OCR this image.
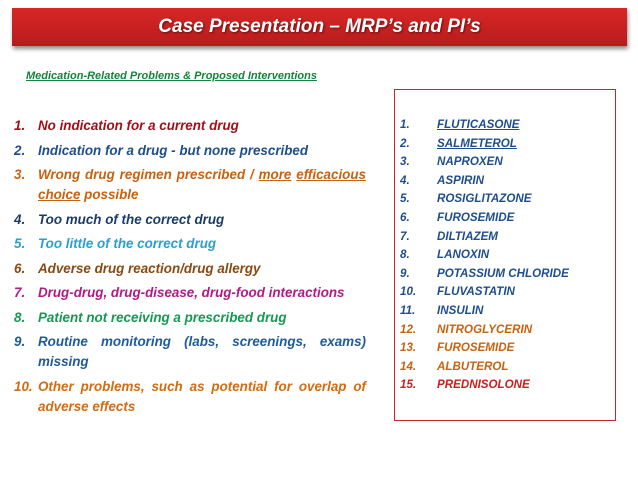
Case Presentation – MRP’s and PI’s
Medication-Related Problems & Proposed Interventions
1. No indication for a current drug
2. Indication for a drug - but none prescribed
3. Wrong drug regimen prescribed / more efficacious choice possible
4. Too much of the correct drug
5. Too little of the correct drug
6. Adverse drug reaction/drug allergy
7. Drug-drug, drug-disease, drug-food interactions
8. Patient not receiving a prescribed drug
9. Routine monitoring (labs, screenings, exams) missing
10. Other problems, such as potential for overlap of adverse effects
1.	FLUTICASONE
2.	SALMETEROL
3.	NAPROXEN
4.	ASPIRIN
5.	ROSIGLITAZONE
6.	FUROSEMIDE
7.	DILTIAZEM
8.	LANOXIN
9.	POTASSIUM CHLORIDE
10.	FLUVASTATIN
11.	INSULIN
12.	NITROGLYCERIN
13.	FUROSEMIDE
14.	ALBUTEROL
15.	PREDNISOLONE
